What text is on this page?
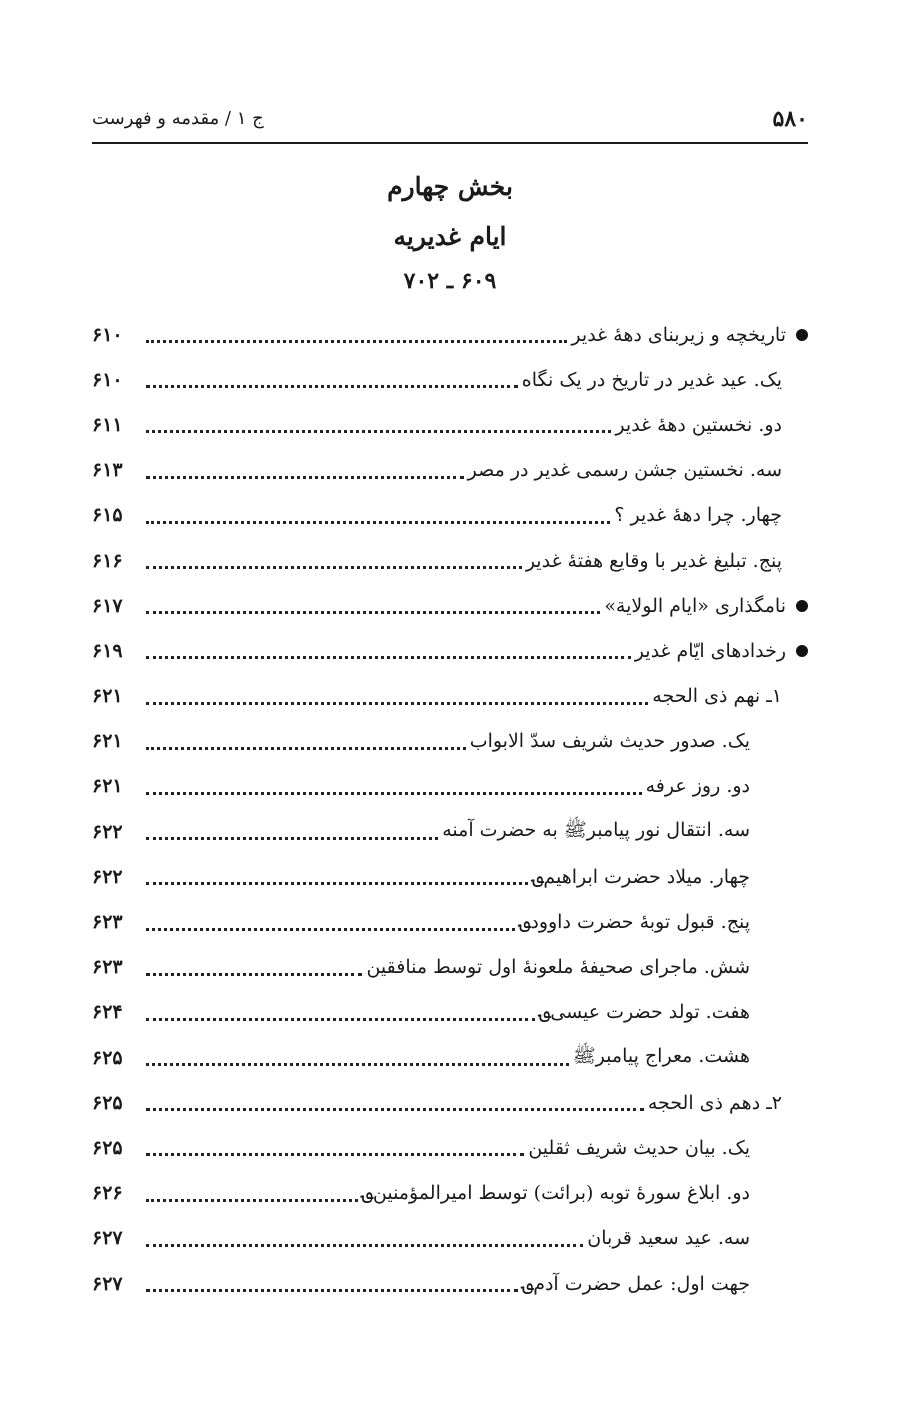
۵۸۰
ج ۱ / مقدمه و فهرست
بخش چهارم
ایام غدیریه
۶۰۹ ـ ۷۰۲
تاریخچه و زیربنای دهۀ غدیر
۶۱۰
یک. عید غدیر در تاریخ در یک نگاه
۶۱۰
دو. نخستین دهۀ غدیر
۶۱۱
سه. نخستین جشن رسمی غدیر در مصر
۶۱۳
چهار. چرا دهۀ غدیر ؟
۶۱۵
پنج. تبلیغ غدیر با وقایع هفتۀ غدیر
۶۱۶
نامگذاری «ایام الولایة»
۶۱۷
رخدادهای ایّام غدیر
۶۱۹
۱ـ نهم ذی الحجه
۶۲۱
یک. صدور حدیث شریف سدّ الابواب
۶۲۱
دو. روز عرفه
۶۲۱
سه. انتقال نور پیامبرﷺ به حضرت آمنه
۶۲۲
چهار. میلاد حضرت ابراهیم؈
۶۲۲
پنج. قبول توبۀ حضرت داوود؈
۶۲۳
شش. ماجرای صحیفۀ ملعونۀ اول توسط منافقین
۶۲۳
هفت. تولد حضرت عیسی؈
۶۲۴
هشت. معراج پیامبرﷺ
۶۲۵
۲ـ دهم ذی الحجه
۶۲۵
یک. بیان حدیث شریف ثقلین
۶۲۵
دو. ابلاغ سورۀ توبه (برائت) توسط امیرالمؤمنین؈
۶۲۶
سه. عید سعید قربان
۶۲۷
جهت اول: عمل حضرت آدم؈
۶۲۷
